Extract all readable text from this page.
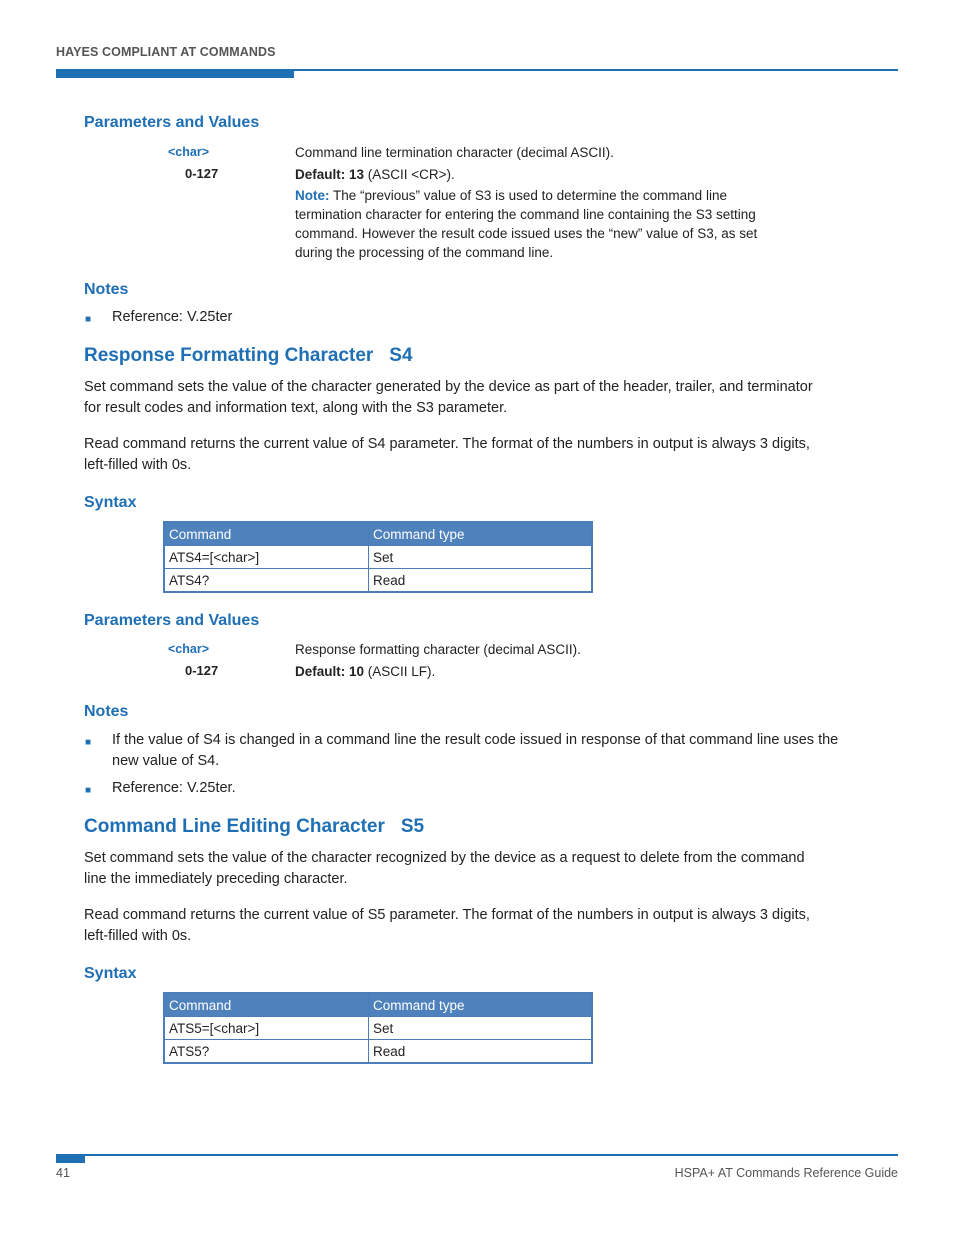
HAYES COMPLIANT AT COMMANDS
Parameters and Values
<char>	Command line termination character (decimal ASCII).
0-127	Default: 13 (ASCII <CR>).
Note: The “previous” value of S3 is used to determine the command line
termination character for entering the command line containing the S3 setting
command. However the result code issued uses the “new” value of S3, as set
during the processing of the command line.
Notes
■ Reference: V.25ter
Response Formatting Character S4
Set command sets the value of the character generated by the device as part of the header, trailer, and terminator
for result codes and information text, along with the S3 parameter.
Read command returns the current value of S4 parameter. The format of the numbers in output is always 3 digits,
left-filled with 0s.
Syntax
Command	Command type
ATS4=[<char>]	Set
ATS4?	Read
Parameters and Values
<char>	Response formatting character (decimal ASCII).
0-127	Default: 10 (ASCII LF).
Notes
■ If the value of S4 is changed in a command line the result code issued in response of that command line uses the
new value of S4.
■ Reference: V.25ter.
Command Line Editing Character S5
Set command sets the value of the character recognized by the device as a request to delete from the command
line the immediately preceding character.
Read command returns the current value of S5 parameter. The format of the numbers in output is always 3 digits,
left-filled with 0s.
Syntax
Command	Command type
ATS5=[<char>]	Set
ATS5?	Read
41	HSPA+ AT Commands Reference Guide
